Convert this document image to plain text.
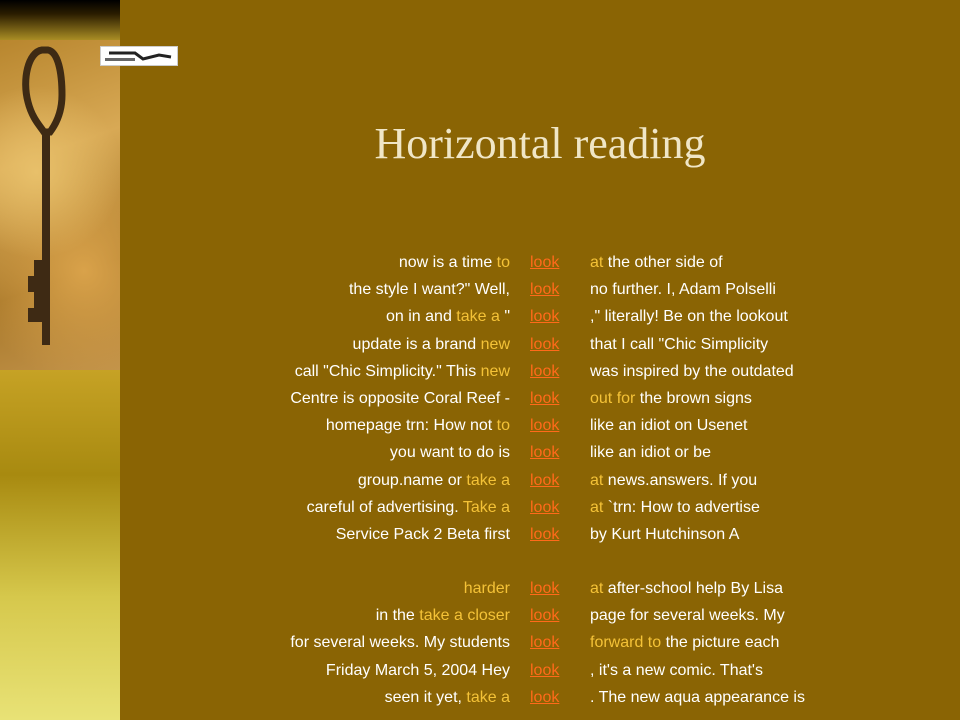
Horizontal reading
now is a time to look at the other side of
the style I want?" Well, look no further. I, Adam Polselli
on in and take a " look ," literally! Be on the lookout
update is a brand new look that I call "Chic Simplicity
call "Chic Simplicity." This new look was inspired by the outdated
Centre is opposite Coral Reef - look out for the brown signs
homepage trn: How not to look like an idiot on Usenet
you want to do is look like an idiot or be
group.name or take a look at news.answers. If you
careful of advertising. Take a look at `trn: How to advertise
Service Pack 2 Beta first look by Kurt Hutchinson A
harder look at after-school help By Lisa
in the take a closer look page for several weeks. My
for several weeks. My students look forward to the picture each
Friday March 5, 2004 Hey look , it's a new comic. That's
seen it yet, take a look . The new aqua appearance is
